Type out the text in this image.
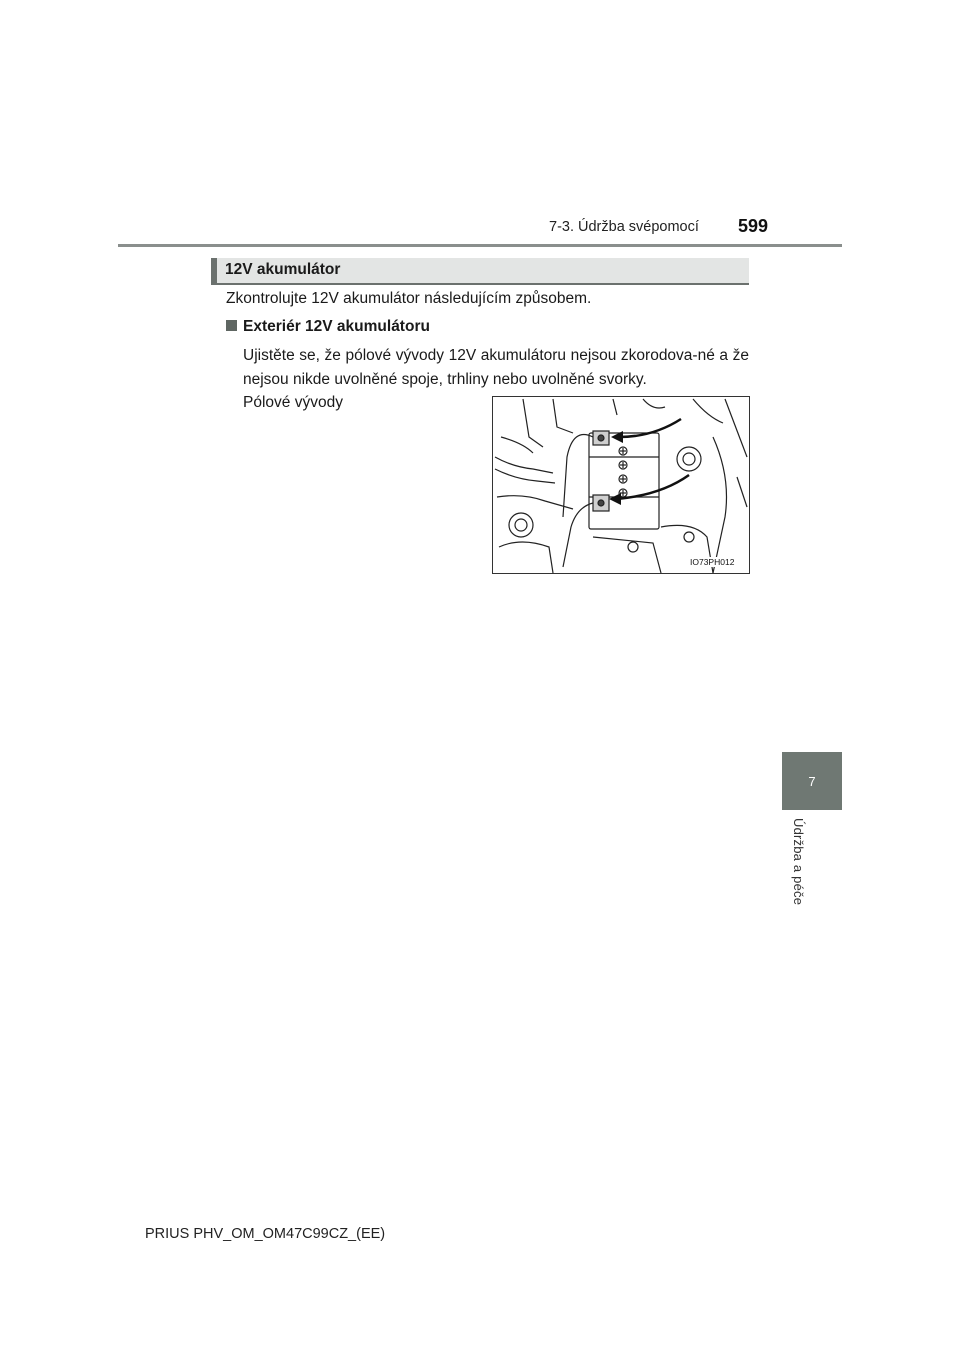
7-3. Údržba svépomocí 599
7
Údržba a péče
12V akumulátor
Zkontrolujte 12V akumulátor následujícím způsobem.
Exteriér 12V akumulátoru
Ujistěte se, že pólové vývody 12V akumulátoru nejsou zkorodova-né a že nejsou nikde uvolněné spoje, trhliny nebo uvolněné svorky.
Pólové vývody
IO73PH012
PRIUS PHV_OM_OM47C99CZ_(EE)
